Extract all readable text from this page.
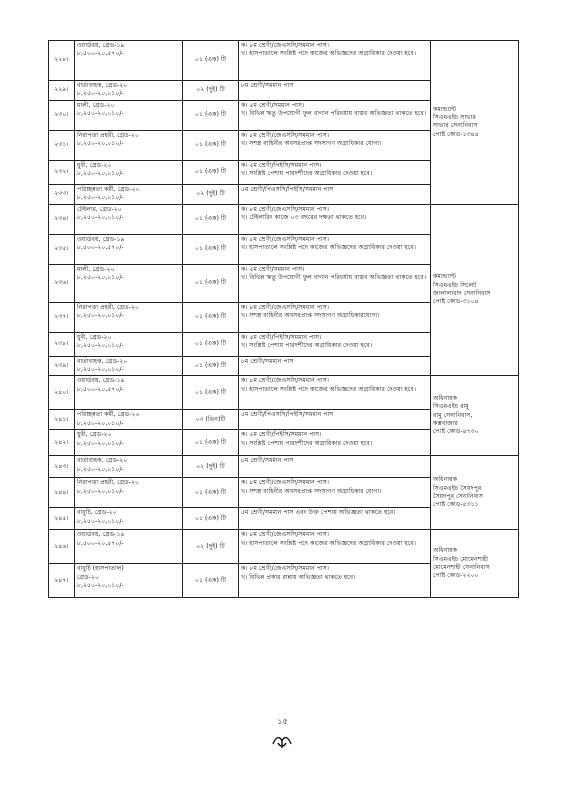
২২৮।	ওয়ার্ডবয়, গ্রেড-১৯
৮,৫০০-২০,৫৭০/-	০১ (এক) টি	ক। ৮ম শ্রেণী/জেএসসি/সমমান পাস।
খ। হাসপাতালে সংশ্লিষ্ট পদে কাজের অভিজ্ঞদের অগ্রাধিকার দেওয়া হবে।	কমান্ড্যান্ট
সিএমএইচ সাভার
সাভার সেনানিবাস
পোষ্ট কোড-১৩৪৪

২২৯।	বার্তাবাহক, গ্রেড-২০
৮,২৫০-২০,০১০/-	০২ (দুই) টি	৮ম শ্রেণী/সমমান পাস	

২৩০।	মালী, গ্রেড-২০
৮,২৫০-২০,০১০/-	০১ (এক) টি	ক। ৫ম শ্রেণী/সমমান পাস।
খ। বিভিন্ন ঋতু উপযোগী ফুল বাগান পরিচর্যায় বাস্তব অভিজ্ঞতা থাকতে হবে।	

২৩১।	নিরাপত্তা প্রহরী, গ্রেড-২০
৮,২৫০-২০,০১০/-	০১ (এক) টি	ক। ৮ম শ্রেণী/জেএসসি/সমমান পাস।
খ। সশস্ত্র বাহিনীর অবসরপ্রাপ্ত সদস্যগণ অগ্রাধিকার যোগ্য।	

২৩২।	ধুবী, গ্রেড-২০
৮,২৫০-২০,০১০/-	০১ (এক) টি	ক। ৫ম শ্রেণী/পিইসি/সমমান পাস।
খ। সংশ্লিষ্ট পেশায় পারদর্শীদের অগ্রাধিকার দেওয়া হবে।	

২৩৩।	পরিচ্ছন্নতা কর্মী, গ্রেড-২০
৮,২৫০-২০,০১০/-	০২ (দুই) টি	৫ম শ্রেণী/পিএসসি/পিইসি/সমমান পাস	

২৩৪।	টেইলার, গ্রেড-২০
৮,২৫০-২০,০১০/-	০১ (এক) টি	ক। ৮ম শ্রেণী/জেএসসি/সমমান পাস।
খ। টেইলারিং কাজে ০৩ বছরের দক্ষতা থাকতে হবে।	কমান্ড্যান্ট
সিএমএইচ সিলেট
জালালাবাদ সেনানিবাস
পোষ্ট কোড-৩১০৪

২৩৫।	ওয়ার্ডবয়, গ্রেড-১৯
৮,৫০০-২০,৫৭০/-	০১ (এক) টি	ক। ৮ম শ্রেণী/জেএসসি/সমমান পাস।
খ। হাসপাতালে সংশ্লিষ্ট পদে কাজের অভিজ্ঞদের অগ্রাধিকার দেওয়া হবে।	

২৩৬।	মালী, গ্রেড-২০
৮,২৫০-২০,০১০/-	০১ (এক) টি	ক। ৫ম শ্রেণী/সমমান পাস।
খ। বিভিন্ন ঋতু উপযোগী ফুল বাগান পরিচর্যায় বাস্তব অভিজ্ঞতা থাকতে হবে।	

২৩৭।	নিরাপত্তা প্রহরী, গ্রেড-২০
৮,২৫০-২০,০১০/-	০১ (এক) টি	ক। ৮ম শ্রেণী/জেএসসি/সমমান পাস।
খ। সশস্ত্র বাহিনীর অবসরপ্রাপ্ত সদস্যগণ অগ্রাধিকারযোগ্য।	

২৩৮।	ধুবী, গ্রেড-২০
৮,২৫০-২০,০১০/-	০১ (এক) টি	ক। ৫ম শ্রেণী/পিইসি/সমমান পাস।
খ। সংশ্লিষ্ট পেশায় পারদর্শীদের অগ্রাধিকার দেওয়া হবে।	

২৩৯।	বার্তাবাহক, গ্রেড-২০
৮,২৫০-২০,০১০/-	০১ (এক) টি	৮ম শ্রেণী/সমমান পাস	

২৪০।	ওয়ার্ডবয়, গ্রেড-১৯
৮,৫০০-২০,৫৭০/-	০১ (এক) টি	ক। ৮ম শ্রেণী/জেএসসি/সমমান পাস।
খ। হাসপাতালে সংশ্লিষ্ট পদে কাজের অভিজ্ঞদের অগ্রাধিকার দেওয়া হবে।	অধিনায়ক
সিএমএইচ রামু
রামু সেনানিবাস,
কক্সবাজার
পোষ্ট কোড-৪৭৩০

২৪১।	পরিচ্ছন্নতা কর্মী, গ্রেড-২০
৮,২৫০-২০,০১০/-	০৩ (তিন)টি	৫ম শ্রেণী/পিএসসি/পিইসি/সমমান পাস	

২৪২।	ধুবী, গ্রেড-২০
৮,২৫০-২০,০১০/-	০১ (এক) টি	ক। ৫ম শ্রেণী/পিইসি/সমমান পাস।
খ। সংশ্লিষ্ট পেশায় পারদর্শীদের অগ্রাধিকার দেওয়া হবে।	

২৪৩।	বার্তাবাহক, গ্রেড-২০
৮,২৫০-২০,০১০/-	০২ (দুই) টি	৮ম শ্রেণী/সমমান পাস	অধিনায়ক
সিএমএইচ সৈয়দপুর
সৈয়দপুর সেনানিবাস
পোষ্ট কোড-৫৩১১

২৪৪।	নিরাপত্তা প্রহরী, গ্রেড-২০
৮,২৫০-২০,০১০/-	০১ (এক) টি	ক। ৮ম শ্রেণী/জেএসসি/সমমান পাস।
খ। সশস্ত্র বাহিনীর অবসরপ্রাপ্ত সদস্যগণ অগ্রাধিকার যোগ্য।	

২৪৫।	বাবুর্চি, গ্রেড-২০
৮,২৫০-২০,০১০/-	০১ (এক) টি	৫ম শ্রেণী/সমমান পাস এবং উক্ত পেশায় অভিজ্ঞতা থাকতে হবে।	

২৪৬।	ওয়ার্ডবয়, গ্রেড-১৯
৮,৫০০-২০,৫৭০/-	০২ (দুই) টি	ক। ৮ম শ্রেণী/জেএসসি/সমমান পাস।
খ। হাসপাতালে সংশ্লিষ্ট পদে কাজের অভিজ্ঞদের অগ্রাধিকার দেওয়া হবে।	অধিনায়ক
সিএমএইচ মোমেনশাহী
মোমেনশাহী সেনানিবাস
পোষ্ট কোড-২২০০

২৪৭।	বাবুর্চি (হাসপাতাল)
গ্রেড-২০
৮,২৫০-২০,০১০/-	০১ (এক) টি	ক। ৮ম শ্রেণী/জেএসসি/সমমান পাস।
খ। বিভিন্ন প্রকার রান্নায় অভিজ্ঞতা থাকতে হবে।	
১৫
